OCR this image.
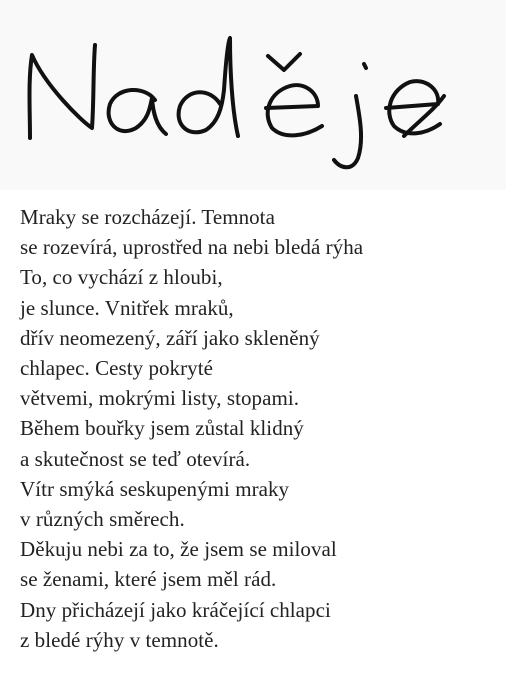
Mraky se rozcházejí. Temnota
se rozevírá, uprostřed na nebi bledá rýha
To, co vychází z hloubi,
je slunce. Vnitřek mraků,
dřív neomezený, září jako skleněný
chlapec. Cesty pokryté
větvemi, mokrými listy, stopami.
Během bouřky jsem zůstal klidný
a skutečnost se teď otevírá.
Vítr smýká seskupenými mraky
v různých směrech.
Děkuju nebi za to, že jsem se miloval
se ženami, které jsem měl rád.
Dny přicházejí jako kráčející chlapci
z bledé rýhy v temnotě.
